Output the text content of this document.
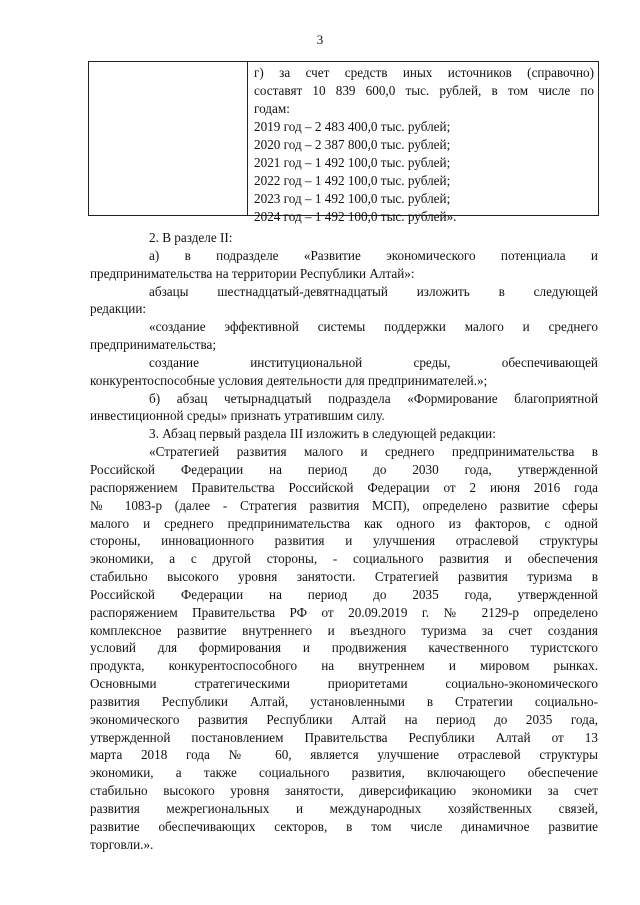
3
г) за счет средств иных источников (справочно)
составят 10 839 600,0 тыс. рублей, в том числе по
годам:
2019 год – 2 483 400,0 тыс. рублей;
2020 год – 2 387 800,0 тыс. рублей;
2021 год – 1 492 100,0 тыс. рублей;
2022 год – 1 492 100,0 тыс. рублей;
2023 год – 1 492 100,0 тыс. рублей;
2024 год – 1 492 100,0 тыс. рублей».
2. В разделе II:
а) в подразделе «Развитие экономического потенциала и
предпринимательства на территории Республики Алтай»:
абзацы шестнадцатый-девятнадцатый изложить в следующей
редакции:
«создание эффективной системы поддержки малого и среднего
предпринимательства;
создание институциональной среды, обеспечивающей
конкурентоспособные условия деятельности для предпринимателей.»;
б) абзац четырнадцатый подраздела «Формирование благоприятной
инвестиционной среды» признать утратившим силу.
3. Абзац первый раздела III изложить в следующей редакции:
«Стратегией развития малого и среднего предпринимательства в
Российской Федерации на период до 2030 года, утвержденной
распоряжением Правительства Российской Федерации от 2 июня 2016 года
№ 1083-р (далее - Стратегия развития МСП), определено развитие сферы
малого и среднего предпринимательства как одного из факторов, с одной
стороны, инновационного развития и улучшения отраслевой структуры
экономики, а с другой стороны, - социального развития и обеспечения
стабильно высокого уровня занятости. Стратегией развития туризма в
Российской Федерации на период до 2035 года, утвержденной
распоряжением Правительства РФ от 20.09.2019 г. № 2129-р определено
комплексное развитие внутреннего и въездного туризма за счет создания
условий для формирования и продвижения качественного туристского
продукта, конкурентоспособного на внутреннем и мировом рынках.
Основными стратегическими приоритетами социально-экономического
развития Республики Алтай, установленными в Стратегии социально-
экономического развития Республики Алтай на период до 2035 года,
утвержденной постановлением Правительства Республики Алтай от 13
марта 2018 года № 60, является улучшение отраслевой структуры
экономики, а также социального развития, включающего обеспечение
стабильно высокого уровня занятости, диверсификацию экономики за счет
развития межрегиональных и международных хозяйственных связей,
развитие обеспечивающих секторов, в том числе динамичное развитие
торговли.».
